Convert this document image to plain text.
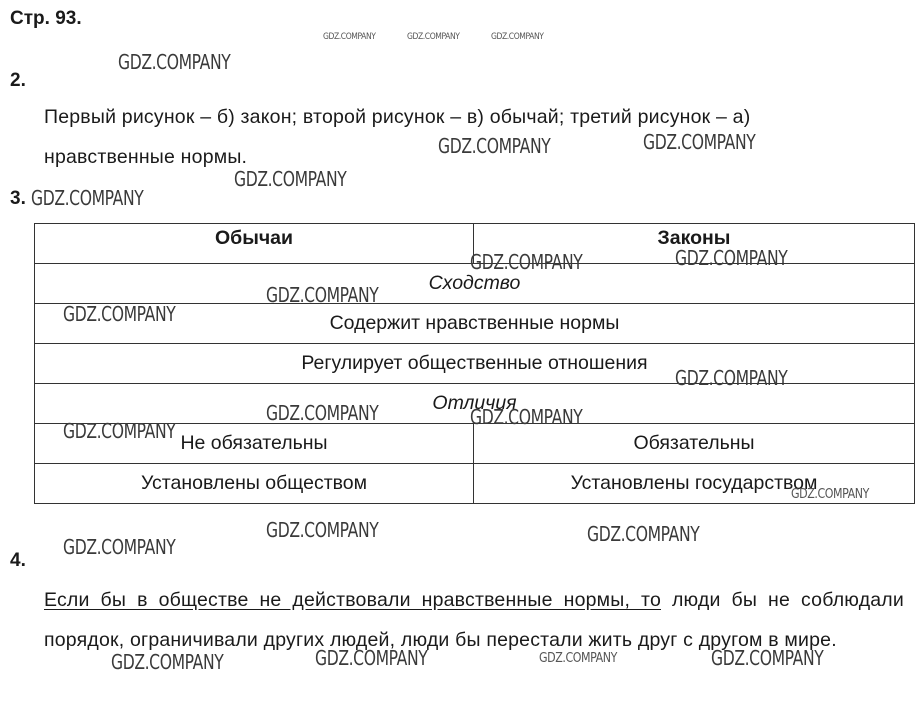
Стр. 93.
2.
Первый рисунок – б) закон; второй рисунок – в) обычай; третий рисунок – а)
нравственные нормы.
3.
Обычаи	Законы
Сходство	
Содержит нравственные нормы	
Регулирует общественные отношения	
Отличия	
Не обязательны	Обязательны
Установлены обществом	Установлены государством
4.
Если бы в обществе не действовали нравственные нормы, то люди бы не соблюдали порядок, ограничивали других людей, люди бы перестали жить друг с другом в мире.
GDZ.COMPANY	GDZ.COMPANY	GDZ.COMPANY
GDZ.COMPANY
GDZ.COMPANY	GDZ.COMPANY
GDZ.COMPANY
GDZ.COMPANY
GDZ.COMPANY	GDZ.COMPANY
GDZ.COMPANY
GDZ.COMPANY
GDZ.COMPANY
GDZ.COMPANY	GDZ.COMPANY
GDZ.COMPANY
GDZ.COMPANY
GDZ.COMPANY	GDZ.COMPANY
GDZ.COMPANY
GDZ.COMPANY	GDZ.COMPANY	GDZ.COMPANY	GDZ.COMPANY
